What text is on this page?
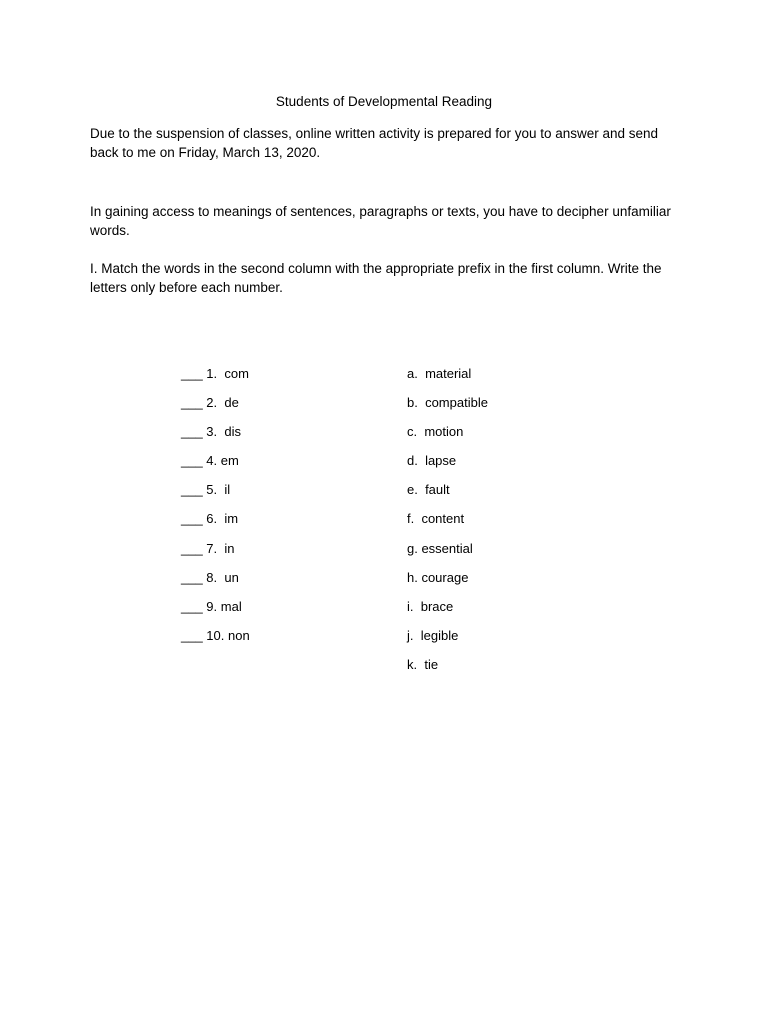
Students of Developmental Reading
Due to the suspension of classes, online written activity is prepared for you to answer and send back to me on Friday, March 13, 2020.
In gaining access to meanings of sentences, paragraphs or texts, you have to decipher unfamiliar words.
I. Match the words in the second column with the appropriate prefix in the first column. Write the letters only before each number.
___ 1.  com
___ 2.  de
___ 3.  dis
___ 4. em
___ 5.  il
___ 6.  im
___ 7.  in
___ 8.  un
___ 9. mal
___ 10. non
a.  material
b.  compatible
c.  motion
d.  lapse
e.  fault
f.  content
g. essential
h. courage
i.  brace
j.  legible
k.  tie
